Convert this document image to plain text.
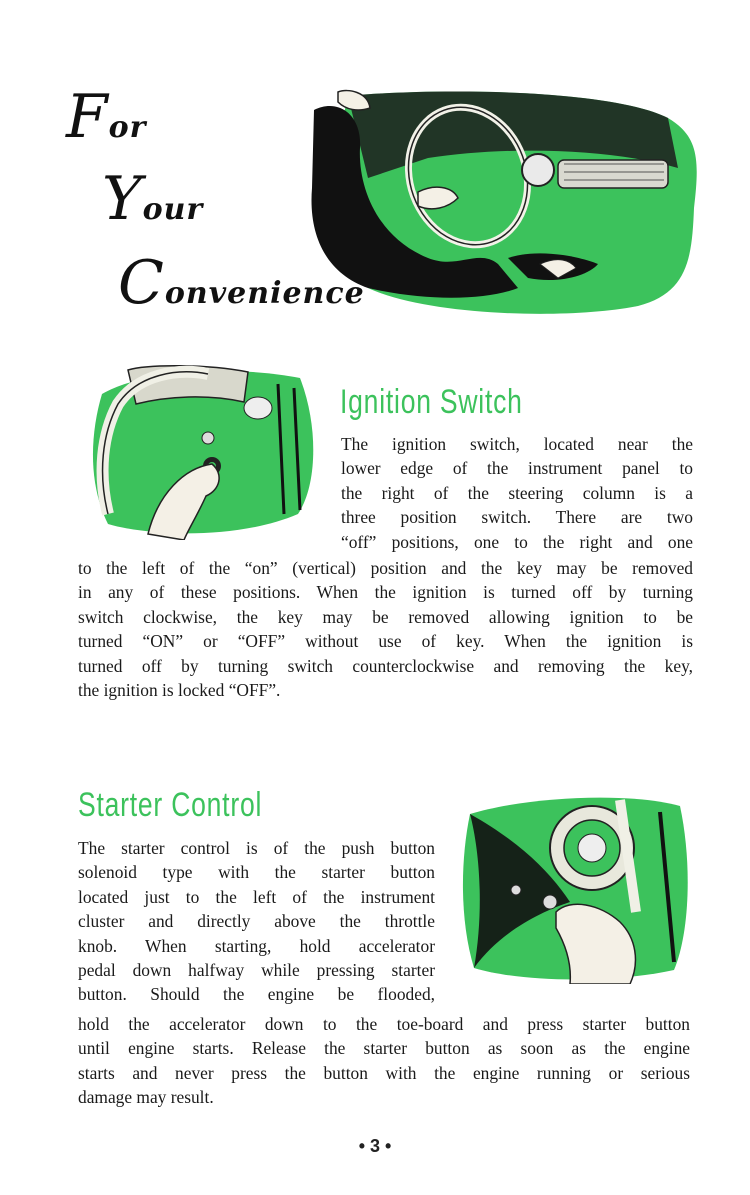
For
Your
Convenience
Ignition Switch
The ignition switch, located near the
lower edge of the instrument panel to
the right of the steering column is a
three position switch. There are two
“off” positions, one to the right and one
to the left of the “on” (vertical) position and the key may be removed
in any of these positions. When the ignition is turned off by turning
switch clockwise, the key may be removed allowing ignition to be
turned “ON” or “OFF” without use of key. When the ignition is
turned off by turning switch counterclockwise and removing the key,
the ignition is locked “OFF”.
Starter Control
The starter control is of the push button
solenoid type with the starter button
located just to the left of the instrument
cluster and directly above the throttle
knob. When starting, hold accelerator
pedal down halfway while pressing starter
button. Should the engine be flooded,
hold the accelerator down to the toe-board and press starter button
until engine starts. Release the starter button as soon as the engine
starts and never press the button with the engine running or serious
damage may result.
• 3 •
